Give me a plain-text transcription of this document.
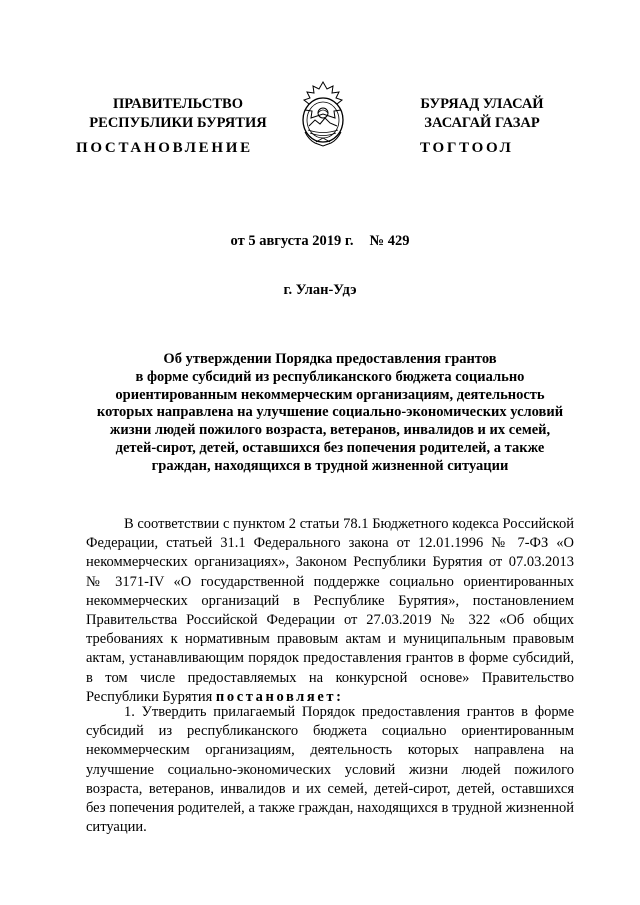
ПРАВИТЕЛЬСТВО
РЕСПУБЛИКИ БУРЯТИЯ
ПОСТАНОВЛЕНИЕ
БУРЯАД УЛАСАЙ
ЗАСАГАЙ ГАЗАР
ТОГТООЛ
от 5 августа 2019 г. № 429
г. Улан-Удэ
Об утверждении Порядка предоставления грантов
в форме субсидий из республиканского бюджета социально
ориентированным некоммерческим организациям, деятельность
которых направлена на улучшение социально-экономических условий
жизни людей пожилого возраста, ветеранов, инвалидов и их семей,
детей-сирот, детей, оставшихся без попечения родителей, а также
граждан, находящихся в трудной жизненной ситуации
В соответствии с пунктом 2 статьи 78.1 Бюджетного кодекса Российской Федерации, статьей 31.1 Федерального закона от 12.01.1996 № 7-ФЗ «О некоммерческих организациях», Законом Республики Бурятия от 07.03.2013 № 3171-IV «О государственной поддержке социально ориентированных некоммерческих организаций в Республике Бурятия», постановлением Правительства Российской Федерации от 27.03.2019 № 322 «Об общих требованиях к нормативным правовым актам и муниципальным правовым актам, устанавливающим порядок предоставления грантов в форме субсидий, в том числе предоставляемых на конкурсной основе» Правительство Республики Бурятия постановляет:
1. Утвердить прилагаемый Порядок предоставления грантов в форме субсидий из республиканского бюджета социально ориентированным некоммерческим организациям, деятельность которых направлена на улучшение социально-экономических условий жизни людей пожилого возраста, ветеранов, инвалидов и их семей, детей-сирот, детей, оставшихся без попечения родителей, а также граждан, находящихся в трудной жизненной ситуации.
